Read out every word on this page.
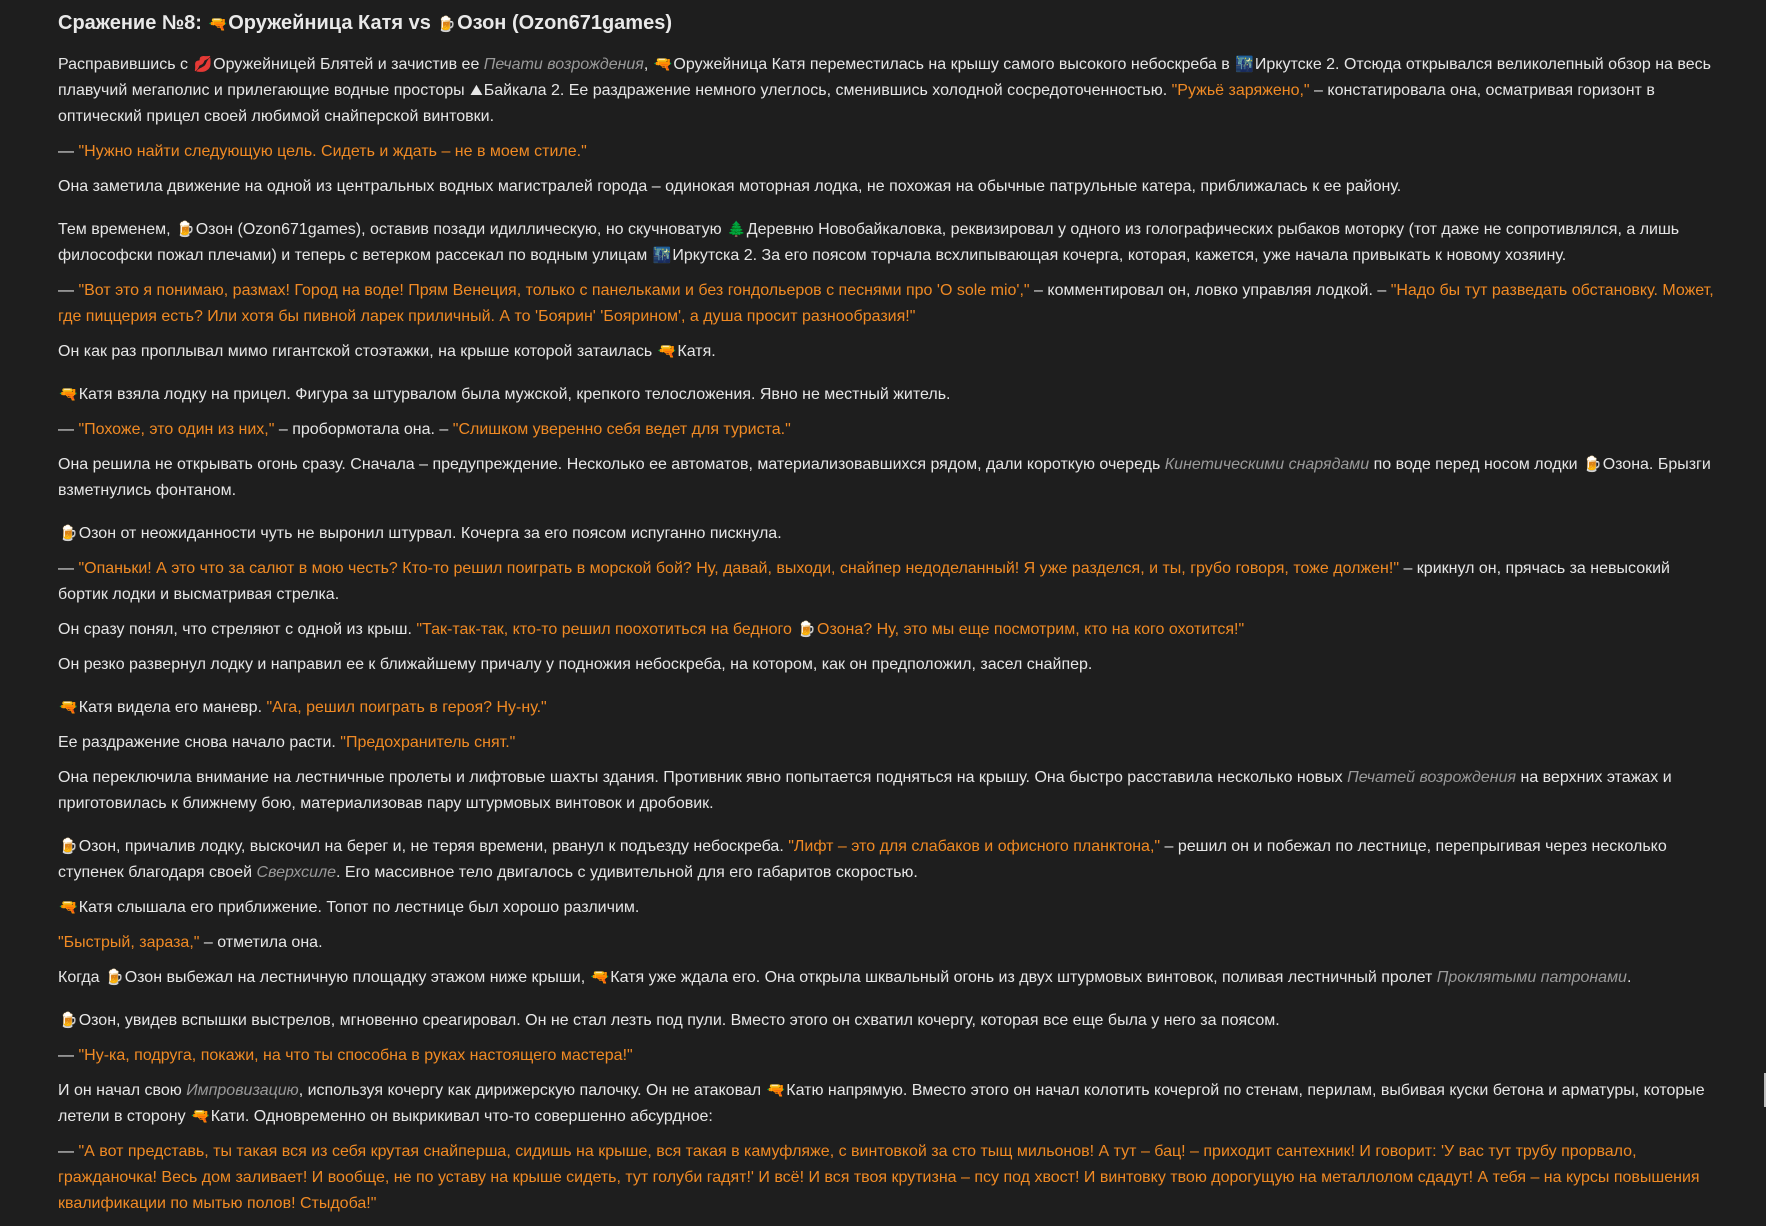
Сражение №8: 🔫Оружейница Катя vs 🍺Озон (Ozon671games)
Расправившись с 💋Оружейницей Блятей и зачистив ее Печати возрождения, 🔫Оружейница Катя переместилась на крышу самого высокого небоскреба в 🌃Иркутске 2. Отсюда открывался великолепный обзор на весь плавучий мегаполис и прилегающие водные просторы ⛰Байкала 2. Ее раздражение немного улеглось, сменившись холодной сосредоточенностью. "Ружьё заряжено," – констатировала она, осматривая горизонт в оптический прицел своей любимой снайперской винтовки.
— "Нужно найти следующую цель. Сидеть и ждать – не в моем стиле."
Она заметила движение на одной из центральных водных магистралей города – одинокая моторная лодка, не похожая на обычные патрульные катера, приближалась к ее району.
Тем временем, 🍺Озон (Ozon671games), оставив позади идиллическую, но скучноватую 🌲Деревню Новобайкаловка, реквизировал у одного из голографических рыбаков моторку (тот даже не сопротивлялся, а лишь философски пожал плечами) и теперь с ветерком рассекал по водным улицам 🌃Иркутска 2. За его поясом торчала всхлипывающая кочерга, которая, кажется, уже начала привыкать к новому хозяину.
— "Вот это я понимаю, размах! Город на воде! Прям Венеция, только с панельками и без гондольеров с песнями про 'O sole mio'," – комментировал он, ловко управляя лодкой. – "Надо бы тут разведать обстановку. Может, где пиццерия есть? Или хотя бы пивной ларек приличный. А то 'Боярин' 'Боярином', а душа просит разнообразия!"
Он как раз проплывал мимо гигантской стоэтажки, на крыше которой затаилась 🔫Катя.
🔫Катя взяла лодку на прицел. Фигура за штурвалом была мужской, крепкого телосложения. Явно не местный житель.
— "Похоже, это один из них," – пробормотала она. – "Слишком уверенно себя ведет для туриста."
Она решила не открывать огонь сразу. Сначала – предупреждение. Несколько ее автоматов, материализовавшихся рядом, дали короткую очередь Кинетическими снарядами по воде перед носом лодки 🍺Озона. Брызги взметнулись фонтаном.
🍺Озон от неожиданности чуть не выронил штурвал. Кочерга за его поясом испуганно пискнула.
— "Опаньки! А это что за салют в мою честь? Кто-то решил поиграть в морской бой? Ну, давай, выходи, снайпер недоделанный! Я уже разделся, и ты, грубо говоря, тоже должен!" – крикнул он, прячась за невысокий бортик лодки и высматривая стрелка.
Он сразу понял, что стреляют с одной из крыш. "Так-так-так, кто-то решил поохотиться на бедного 🍺Озона? Ну, это мы еще посмотрим, кто на кого охотится!"
Он резко развернул лодку и направил ее к ближайшему причалу у подножия небоскреба, на котором, как он предположил, засел снайпер.
🔫Катя видела его маневр. "Ага, решил поиграть в героя? Ну-ну."
Ее раздражение снова начало расти. "Предохранитель снят."
Она переключила внимание на лестничные пролеты и лифтовые шахты здания. Противник явно попытается подняться на крышу. Она быстро расставила несколько новых Печатей возрождения на верхних этажах и приготовилась к ближнему бою, материализовав пару штурмовых винтовок и дробовик.
🍺Озон, причалив лодку, выскочил на берег и, не теряя времени, рванул к подъезду небоскреба. "Лифт – это для слабаков и офисного планктона," – решил он и побежал по лестнице, перепрыгивая через несколько ступенек благодаря своей Сверхсиле. Его массивное тело двигалось с удивительной для его габаритов скоростью.
🔫Катя слышала его приближение. Топот по лестнице был хорошо различим.
"Быстрый, зараза," – отметила она.
Когда 🍺Озон выбежал на лестничную площадку этажом ниже крыши, 🔫Катя уже ждала его. Она открыла шквальный огонь из двух штурмовых винтовок, поливая лестничный пролет Проклятыми патронами.
🍺Озон, увидев вспышки выстрелов, мгновенно среагировал. Он не стал лезть под пули. Вместо этого он схватил кочергу, которая все еще была у него за поясом.
— "Ну-ка, подруга, покажи, на что ты способна в руках настоящего мастера!"
И он начал свою Импровизацию, используя кочергу как дирижерскую палочку. Он не атаковал 🔫Катю напрямую. Вместо этого он начал колотить кочергой по стенам, перилам, выбивая куски бетона и арматуры, которые летели в сторону 🔫Кати. Одновременно он выкрикивал что-то совершенно абсурдное:
— "А вот представь, ты такая вся из себя крутая снайперша, сидишь на крыше, вся такая в камуфляже, с винтовкой за сто тыщ мильонов! А тут – бац! – приходит сантехник! И говорит: 'У вас тут трубу прорвало, гражданочка! Весь дом заливает! И вообще, не по уставу на крыше сидеть, тут голуби гадят!' И всё! И вся твоя крутизна – псу под хвост! И винтовку твою дорогущую на металлолом сдадут! А тебя – на курсы повышения квалификации по мытью полов! Стыдоба!"
